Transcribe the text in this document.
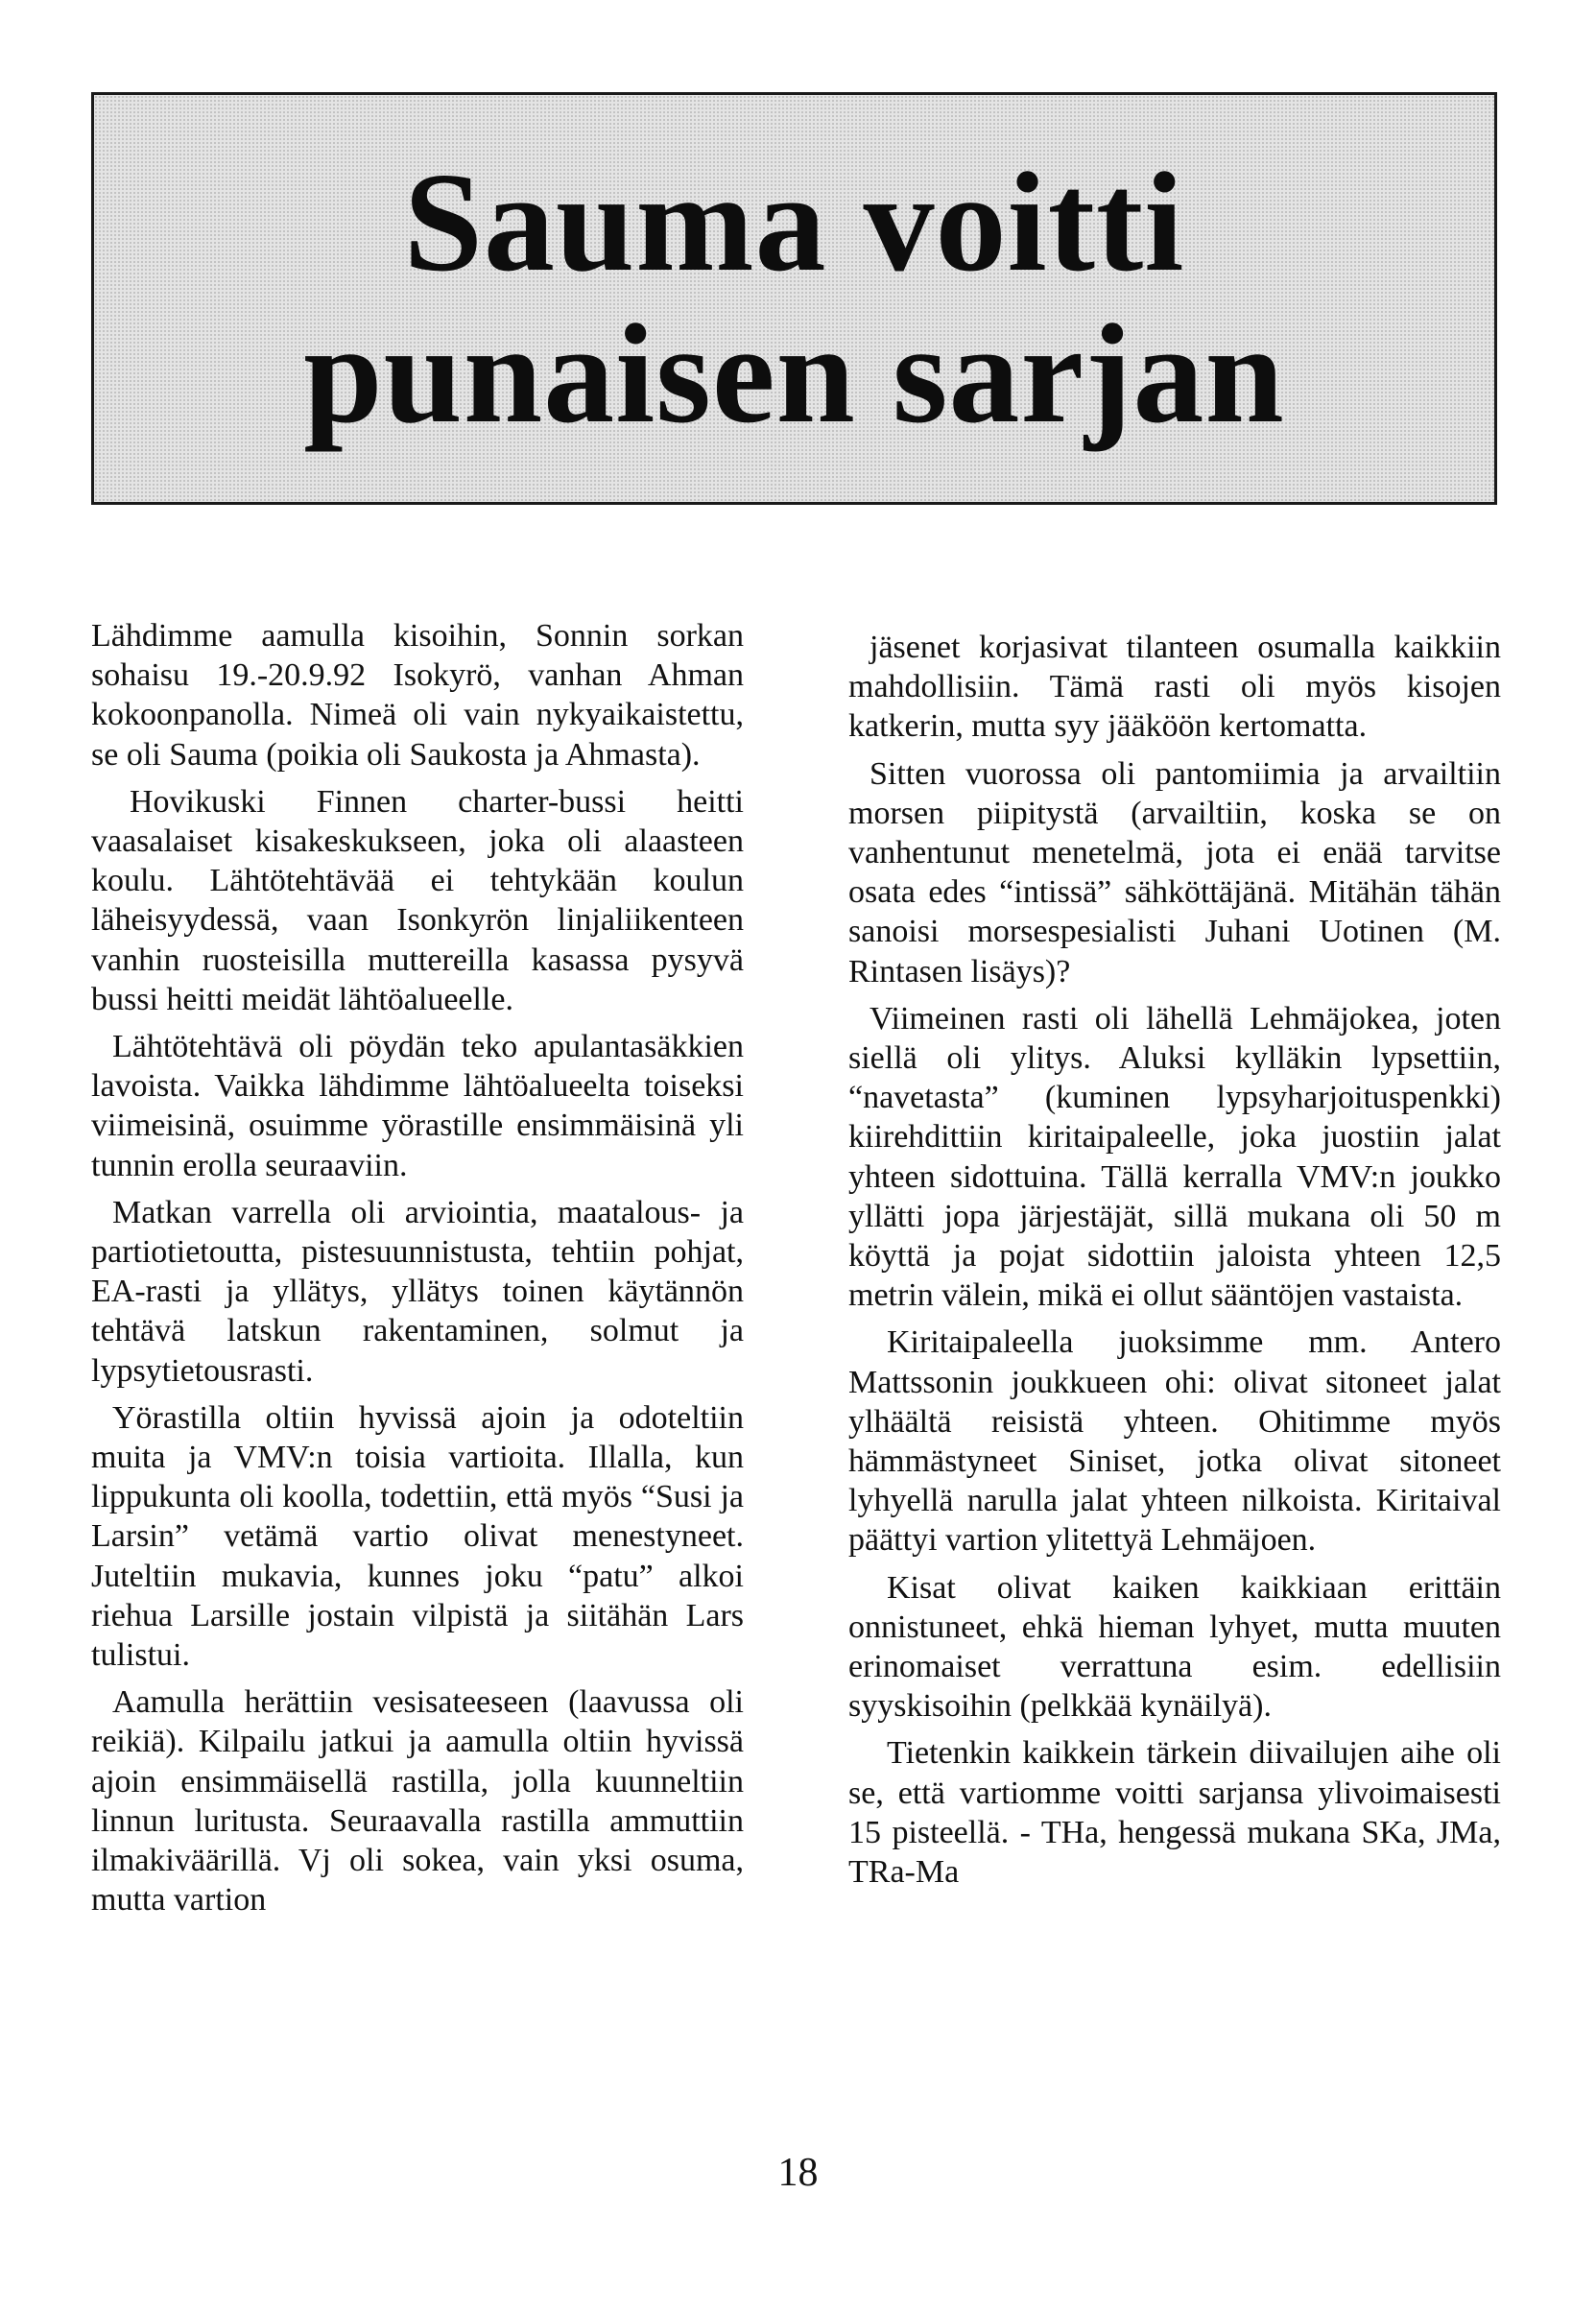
Sauma voitti
punaisen sarjan

Lähdimme aamulla kisoihin, Sonnin sorkan sohaisu 19.-20.9.92 Isokyrö, vanhan Ahman kokoonpanolla. Nimeä oli vain nykyaikaistettu, se oli Sauma (poikia oli Saukosta ja Ahmasta).

Hovikuski Finnen charter-bussi heitti vaasalaiset kisakeskukseen, joka oli alaasteen koulu. Lähtötehtävää ei tehtykään koulun läheisyydessä, vaan Isonkyrön linjaliikenteen vanhin ruosteisilla muttereilla kasassa pysyvä bussi heitti meidät lähtöalueelle.

Lähtötehtävä oli pöydän teko apulantasäkkien lavoista. Vaikka lähdimme lähtöalueelta toiseksi viimeisinä, osuimme yörastille ensimmäisinä yli tunnin erolla seuraaviin.

Matkan varrella oli arviointia, maatalous- ja partiotietoutta, pistesuunnistusta, tehtiin pohjat, EA-rasti ja yllätys, yllätys toinen käytännön tehtävä latskun rakentaminen, solmut ja lypsytietousrasti.

Yörastilla oltiin hyvissä ajoin ja odoteltiin muita ja VMV:n toisia vartioita. Illalla, kun lippukunta oli koolla, todettiin, että myös “Susi ja Larsin” vetämä vartio olivat menestyneet. Juteltiin mukavia, kunnes joku “patu” alkoi riehua Larsille jostain vilpistä ja siitähän Lars tulistui.

Aamulla herättiin vesisateeseen (laavussa oli reikiä). Kilpailu jatkui ja aamulla oltiin hyvissä ajoin ensimmäisellä rastilla, jolla kuunneltiin linnun luritusta. Seuraavalla rastilla ammuttiin ilmakiväärillä. Vj oli sokea, vain yksi osuma, mutta vartion

jäsenet korjasivat tilanteen osumalla kaikkiin mahdollisiin. Tämä rasti oli myös kisojen katkerin, mutta syy jääköön kertomatta.

Sitten vuorossa oli pantomiimia ja arvailtiin morsen piipitystä (arvailtiin, koska se on vanhentunut menetelmä, jota ei enää tarvitse osata edes “intissä” sähköttäjänä. Mitähän tähän sanoisi morsespesialisti Juhani Uotinen (M. Rintasen lisäys)?

Viimeinen rasti oli lähellä Lehmäjokea, joten siellä oli ylitys. Aluksi kylläkin lypsettiin, “navetasta” (kuminen lypsyharjoituspenkki) kiirehdittiin kiritaipaleelle, joka juostiin jalat yhteen sidottuina. Tällä kerralla VMV:n joukko yllätti jopa järjestäjät, sillä mukana oli 50 m köyttä ja pojat sidottiin jaloista yhteen 12,5 metrin välein, mikä ei ollut sääntöjen vastaista.

Kiritaipaleella juoksimme mm. Antero Mattssonin joukkueen ohi: olivat sitoneet jalat ylhäältä reisistä yhteen. Ohitimme myös hämmästyneet Siniset, jotka olivat sitoneet lyhyellä narulla jalat yhteen nilkoista. Kiritaival päättyi vartion ylitettyä Lehmäjoen.

Kisat olivat kaiken kaikkiaan erittäin onnistuneet, ehkä hieman lyhyet, mutta muuten erinomaiset verrattuna esim. edellisiin syyskisoihin (pelkkää kynäilyä).

Tietenkin kaikkein tärkein diivailujen aihe oli se, että vartiomme voitti sarjansa ylivoimaisesti 15 pisteellä. - THa, hengessä mukana SKa, JMa, TRa-Ma

18
